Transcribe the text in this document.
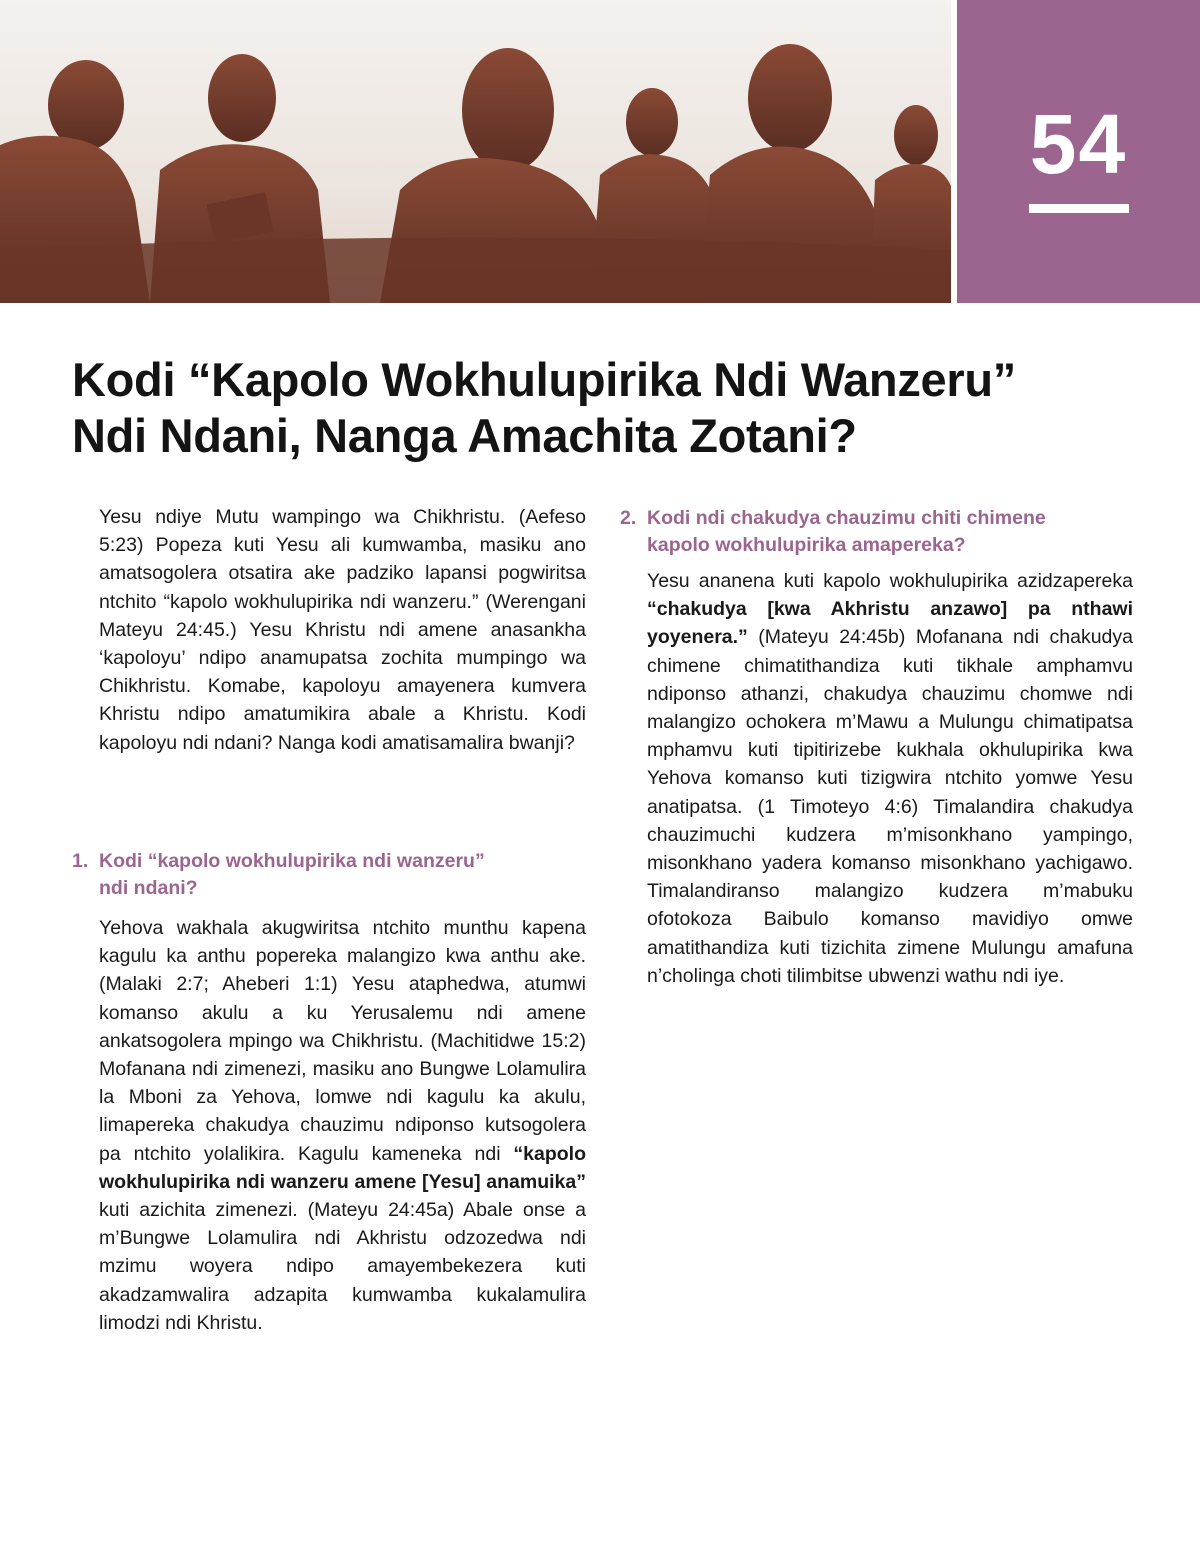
54
Kodi “Kapolo Wokhulupirika Ndi Wanzeru”
Ndi Ndani, Nanga Amachita Zotani?

Yesu ndiye Mutu wampingo wa Chikhristu. (Aefeso 5:23) Popeza kuti Yesu ali kumwamba, masiku ano amatsogolera otsatira ake padziko lapansi pogwiritsa ntchito “kapolo wokhulupirika ndi wanzeru.” (Werengani Mateyu 24:45.) Yesu Khristu ndi amene anasankha ‘kapoloyu’ ndipo anamupatsa zochita mumpingo wa Chikhristu. Komabe, kapoloyu amayenera kumvera Khristu ndipo amatumikira abale a Khristu. Kodi kapoloyu ndi ndani? Nanga kodi amatisamalira bwanji?

1. Kodi “kapolo wokhulupirika ndi wanzeru”
ndi ndani?

Yehova wakhala akugwiritsa ntchito munthu kapena kagulu ka anthu popereka malangizo kwa anthu ake. (Malaki 2:7; Aheberi 1:1) Yesu ataphedwa, atumwi komanso akulu a ku Yerusalemu ndi amene ankatsogolera mpingo wa Chikhristu. (Machitidwe 15:2) Mofanana ndi zimenezi, masiku ano Bungwe Lolamulira la Mboni za Yehova, lomwe ndi kagulu ka akulu, limapereka chakudya chauzimu ndiponso kutsogolera pa ntchito yolalikira. Kagulu kameneka ndi “kapolo wokhulupirika ndi wanzeru amene [Yesu] anamuika” kuti azichita zimenezi. (Mateyu 24:45a) Abale onse a m’Bungwe Lolamulira ndi Akhristu odzozedwa ndi mzimu woyera ndipo amayembekezera kuti akadzamwalira adzapita kumwamba kukalamulira limodzi ndi Khristu.

2. Kodi ndi chakudya chauzimu chiti chimene
kapolo wokhulupirika amapereka?

Yesu ananena kuti kapolo wokhulupirika azidzapereka “chakudya [kwa Akhristu anzawo] pa nthawi yoyenera.” (Mateyu 24:45b) Mofanana ndi chakudya chimene chimatithandiza kuti tikhale amphamvu ndiponso athanzi, chakudya chauzimu chomwe ndi malangizo ochokera m’Mawu a Mulungu chimatipatsa mphamvu kuti tipitirizebe kukhala okhulupirika kwa Yehova komanso kuti tizigwira ntchito yomwe Yesu anatipatsa. (1 Timoteyo 4:6) Timalandira chakudya chauzimuchi kudzera m’misonkhano yampingo, misonkhano yadera komanso misonkhano yachigawo. Timalandiranso malangizo kudzera m’mabuku ofotokoza Baibulo komanso mavidiyo omwe amatithandiza kuti tizichita zimene Mulungu amafuna n’cholinga choti tilimbitse ubwenzi wathu ndi iye.
